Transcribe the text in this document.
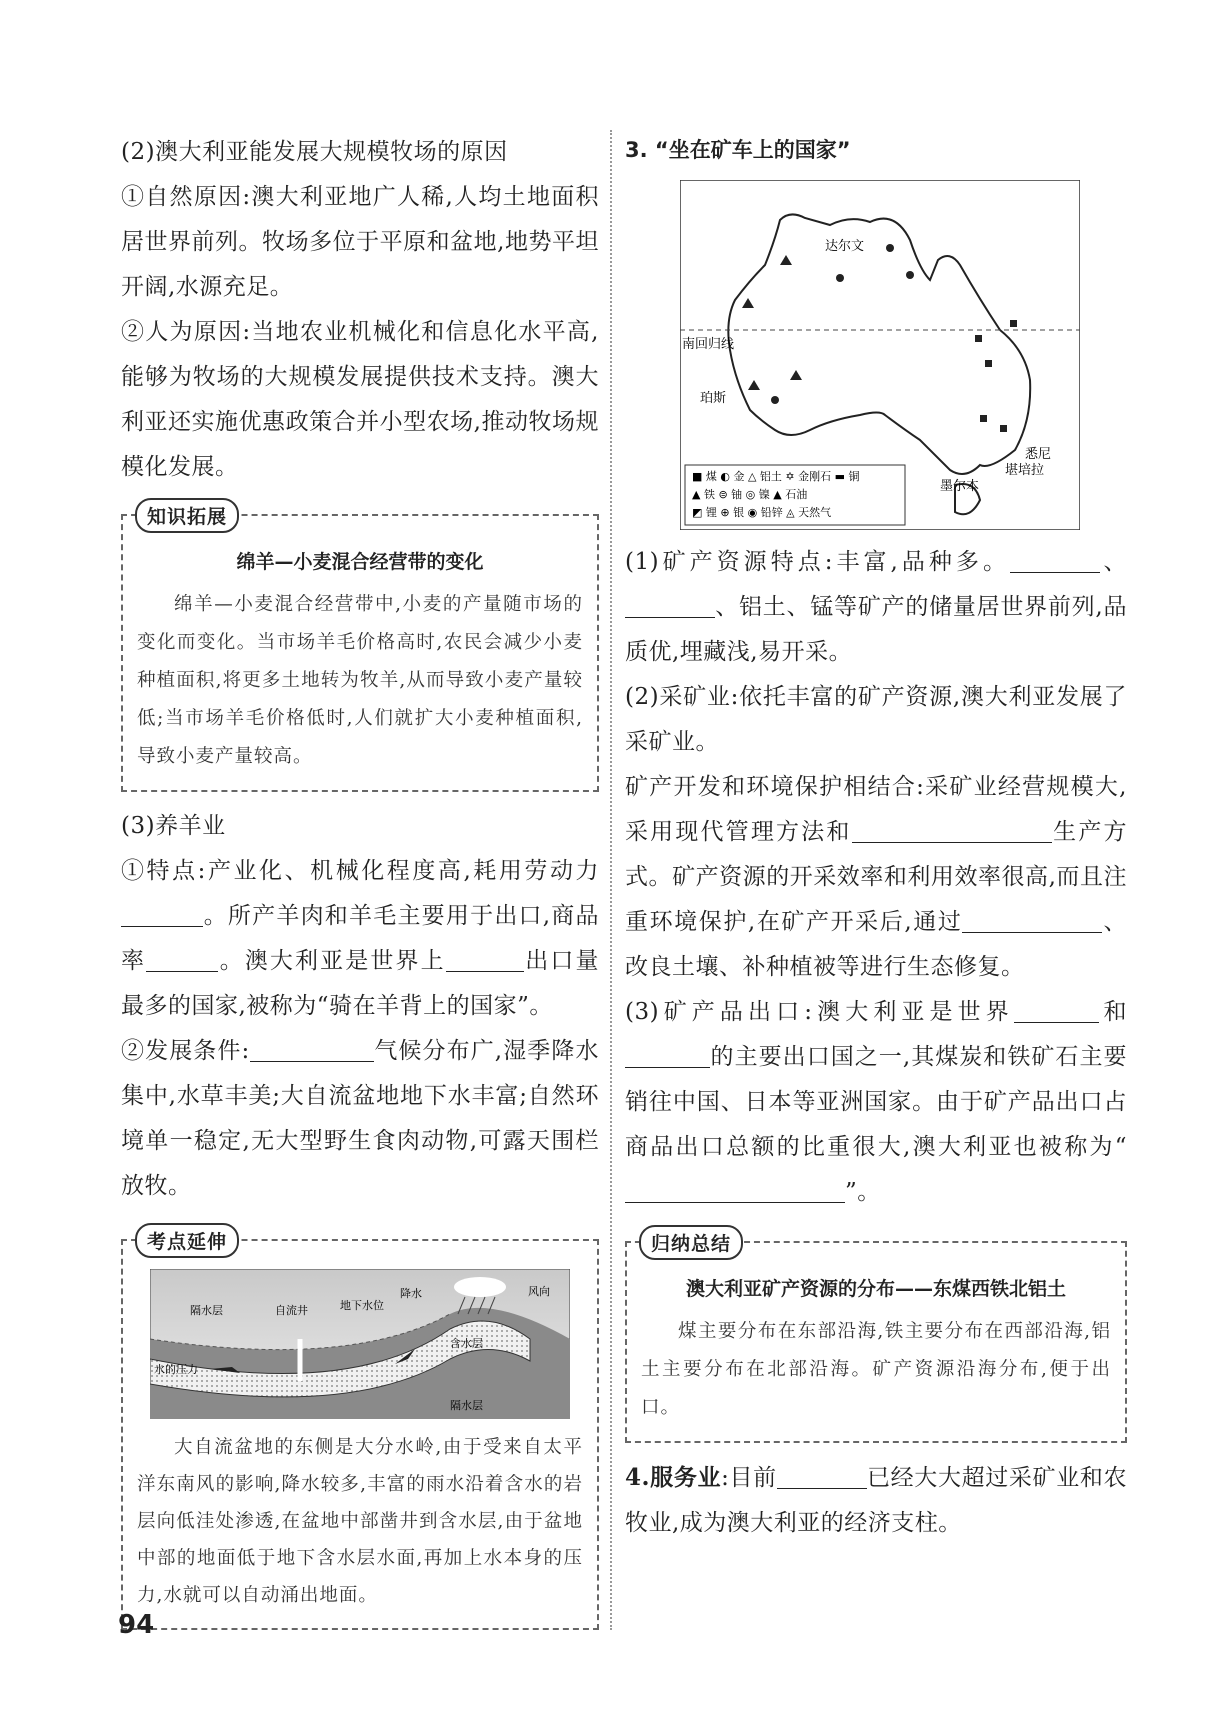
(2)澳大利亚能发展大规模牧场的原因

①自然原因:澳大利亚地广人稀,人均土地面积居世界前列。牧场多位于平原和盆地,地势平坦开阔,水源充足。

②人为原因:当地农业机械化和信息化水平高,能够为牧场的大规模发展提供技术支持。澳大利亚还实施优惠政策合并小型农场,推动牧场规模化发展。

知识拓展
绵羊—小麦混合经营带的变化
绵羊—小麦混合经营带中,小麦的产量随市场的变化而变化。当市场羊毛价格高时,农民会减少小麦种植面积,将更多土地转为牧羊,从而导致小麦产量较低;当市场羊毛价格低时,人们就扩大小麦种植面积,导致小麦产量较高。

(3)养羊业

①特点:产业化、机械化程度高,耗用劳动力。所产羊肉和羊毛主要用于出口,商品率	。澳大利亚是世界上	出口量最多的国家,被称为“骑在羊背上的国家”。

②发展条件:	气候分布广,湿季降水集中,水草丰美;大自流盆地地下水丰富;自然环境单一稳定,无大型野生食肉动物,可露天围栏放牧。

考点延伸
隔水层	自流井	地下水位
降水	风向
含水层
水的压力
隔水层
大自流盆地的东侧是大分水岭,由于受来自太平洋东南风的影响,降水较多,丰富的雨水沿着含水的岩层向低洼处渗透,在盆地中部凿井到含水层,由于盆地中部的地面低于地下含水层水面,再加上水本身的压力,水就可以自动涌出地面。
3. “坐在矿车上的国家”
达尔文
南回归线
珀斯
悉尼
堪培拉
墨尔本
■ 煤 ◐ 金 △ 铝土 ✡ 金刚石 ▬ 铜
▲ 铁 ⊜ 铀 ◎ 镍 ▲ 石油
◩ 锂 ⊕ 银 ◉ 铅锌 ◬ 天然气

(1)矿产资源特点:丰富,品种多。	、、铝土、锰等矿产的储量居世界前列,品质优,埋藏浅,易开采。

(2)采矿业:依托丰富的矿产资源,澳大利亚发展了采矿业。

矿产开发和环境保护相结合:采矿业经营规模大,采用现代管理方法和	生产方式。矿产资源的开采效率和利用效率很高,而且注重环境保护,在矿产开采后,通过	、改良土壤、补种植被等进行生态修复。

(3)矿产品出口:澳大利亚是世界	和的主要出口国之一,其煤炭和铁矿石主要销往中国、日本等亚洲国家。由于矿产品出口占商品出口总额的比重很大,澳大利亚也被称为“”。

归纳总结
澳大利亚矿产资源的分布——东煤西铁北铝土
煤主要分布在东部沿海,铁主要分布在西部沿海,铝土主要分布在北部沿海。矿产资源沿海分布,便于出口。

4.服务业:目前	已经大大超过采矿业和农牧业,成为澳大利亚的经济支柱。

94
